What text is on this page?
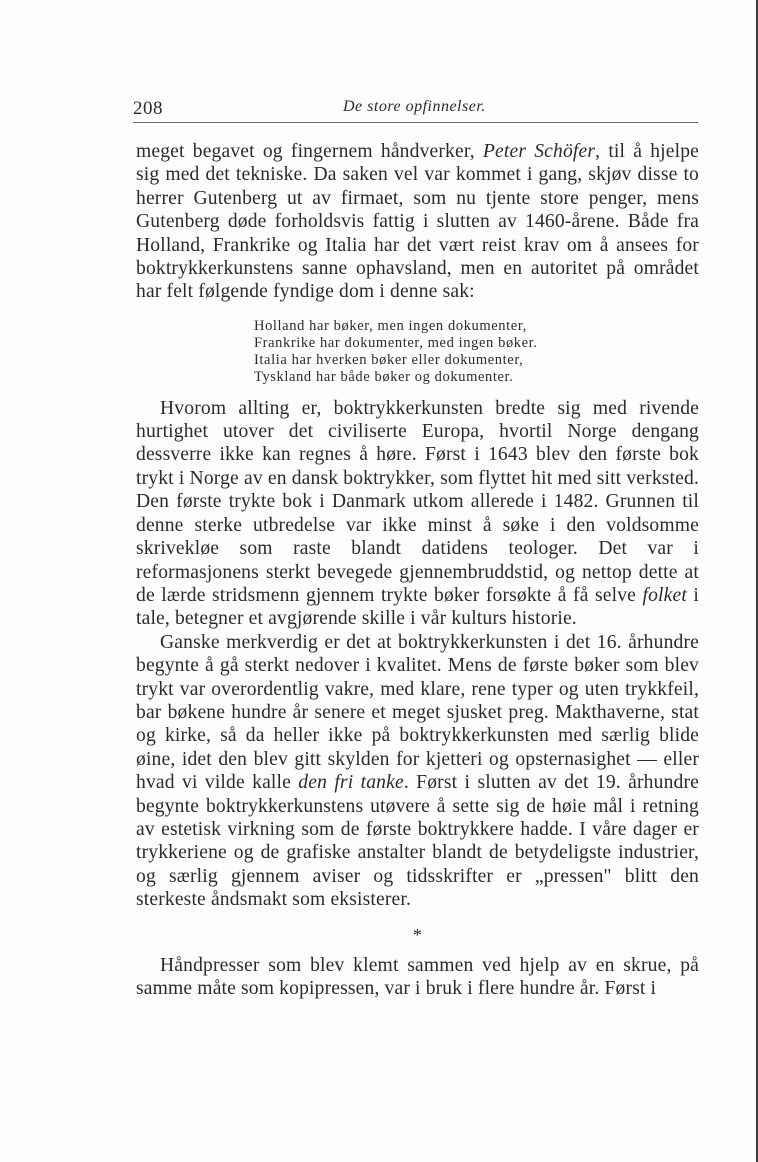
208	De store opfinnelser.

meget begavet og fingernem håndverker, Peter Schöfer, til å hjelpe sig med det tekniske. Da saken vel var kommet i gang, skjøv disse to herrer Gutenberg ut av firmaet, som nu tjente store penger, mens Gutenberg døde forholdsvis fattig i slutten av 1460-årene. Både fra Holland, Frankrike og Italia har det vært reist krav om å ansees for boktrykkerkunstens sanne ophavsland, men en autoritet på området har felt følgende fyndige dom i denne sak:

Holland har bøker, men ingen dokumenter,
Frankrike har dokumenter, med ingen bøker.
Italia har hverken bøker eller dokumenter,
Tyskland har både bøker og dokumenter.

Hvorom allting er, boktrykkerkunsten bredte sig med rivende hurtighet utover det civiliserte Europa, hvortil Norge dengang dessverre ikke kan regnes å høre. Først i 1643 blev den første bok trykt i Norge av en dansk boktrykker, som flyttet hit med sitt verksted. Den første trykte bok i Danmark utkom allerede i 1482. Grunnen til denne sterke utbredelse var ikke minst å søke i den voldsomme skrivekløe som raste blandt datidens teologer. Det var i reformasjonens sterkt bevegede gjennembruddstid, og nettop dette at de lærde stridsmenn gjennem trykte bøker forsøkte å få selve folket i tale, betegner et avgjørende skille i vår kulturs historie.

Ganske merkverdig er det at boktrykkerkunsten i det 16. århundre begynte å gå sterkt nedover i kvalitet. Mens de første bøker som blev trykt var overordentlig vakre, med klare, rene typer og uten trykkfeil, bar bøkene hundre år senere et meget sjusket preg. Makthaverne, stat og kirke, så da heller ikke på boktrykkerkunsten med særlig blide øine, idet den blev gitt skylden for kjetteri og opsternasighet — eller hvad vi vilde kalle den fri tanke. Først i slutten av det 19. århundre begynte boktrykkerkunstens utøvere å sette sig de høie mål i retning av estetisk virkning som de første boktrykkere hadde. I våre dager er trykkeriene og de grafiske anstalter blandt de betydeligste industrier, og særlig gjennem aviser og tidsskrifter er „pressen" blitt den sterkeste åndsmakt som eksisterer.

*

Håndpresser som blev klemt sammen ved hjelp av en skrue, på samme måte som kopipressen, var i bruk i flere hundre år. Først i
